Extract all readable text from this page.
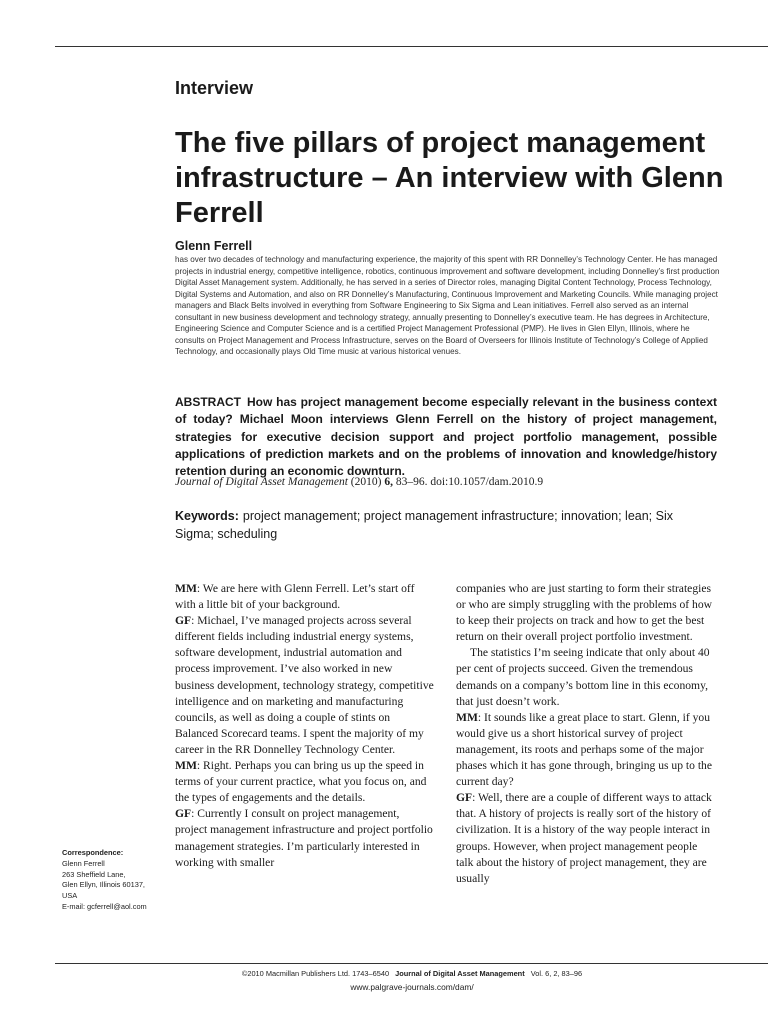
Interview
The five pillars of project management infrastructure – An interview with Glenn Ferrell
Glenn Ferrell
has over two decades of technology and manufacturing experience, the majority of this spent with RR Donnelley’s Technology Center. He has managed projects in industrial energy, competitive intelligence, robotics, continuous improvement and software development, including Donnelley’s first production Digital Asset Management system. Additionally, he has served in a series of Director roles, managing Digital Content Technology, Process Technology, Digital Systems and Automation, and also on RR Donnelley’s Manufacturing, Continuous Improvement and Marketing Councils. While managing project managers and Black Belts involved in everything from Software Engineering to Six Sigma and Lean initiatives. Ferrell also served as an internal consultant in new business development and technology strategy, annually presenting to Donnelley’s executive team. He has degrees in Architecture, Engineering Science and Computer Science and is a certified Project Management Professional (PMP). He lives in Glen Ellyn, Illinois, where he consults on Project Management and Process Infrastructure, serves on the Board of Overseers for Illinois Institute of Technology’s College of Applied Technology, and occasionally plays Old Time music at various historical venues.
ABSTRACT How has project management become especially relevant in the business context of today? Michael Moon interviews Glenn Ferrell on the history of project management, strategies for executive decision support and project portfolio management, possible applications of prediction markets and on the problems of innovation and knowledge/history retention during an economic downturn.
Journal of Digital Asset Management (2010) 6, 83–96. doi:10.1057/dam.2010.9
Keywords: project management; project management infrastructure; innovation; lean; Six Sigma; scheduling

MM: We are here with Glenn Ferrell. Let’s start off with a little bit of your background.

GF: Michael, I’ve managed projects across several different fields including industrial energy systems, software development, industrial automation and process improvement. I’ve also worked in new business development, technology strategy, competitive intelligence and on marketing and manufacturing councils, as well as doing a couple of stints on Balanced Scorecard teams. I spent the majority of my career in the RR Donnelley Technology Center.

MM: Right. Perhaps you can bring us up the speed in terms of your current practice, what you focus on, and the types of engagements and the details.

GF: Currently I consult on project management, project management infrastructure and project portfolio management strategies. I’m particularly interested in working with smaller

companies who are just starting to form their strategies or who are simply struggling with the problems of how to keep their projects on track and how to get the best return on their overall project portfolio investment.

The statistics I’m seeing indicate that only about 40 per cent of projects succeed. Given the tremendous demands on a company’s bottom line in this economy, that just doesn’t work.

MM: It sounds like a great place to start. Glenn, if you would give us a short historical survey of project management, its roots and perhaps some of the major phases which it has gone through, bringing us up to the current day?

GF: Well, there are a couple of different ways to attack that. A history of projects is really sort of the history of civilization. It is a history of the way people interact in groups. However, when project management people talk about the history of project management, they are usually

Correspondence:
Glenn Ferrell
263 Sheffield Lane,
Glen Ellyn, Illinois 60137,
USA
E-mail: gcferrell@aol.com
©2010 Macmillan Publishers Ltd. 1743–6540 Journal of Digital Asset Management Vol. 6, 2, 83–96
www.palgrave-journals.com/dam/
